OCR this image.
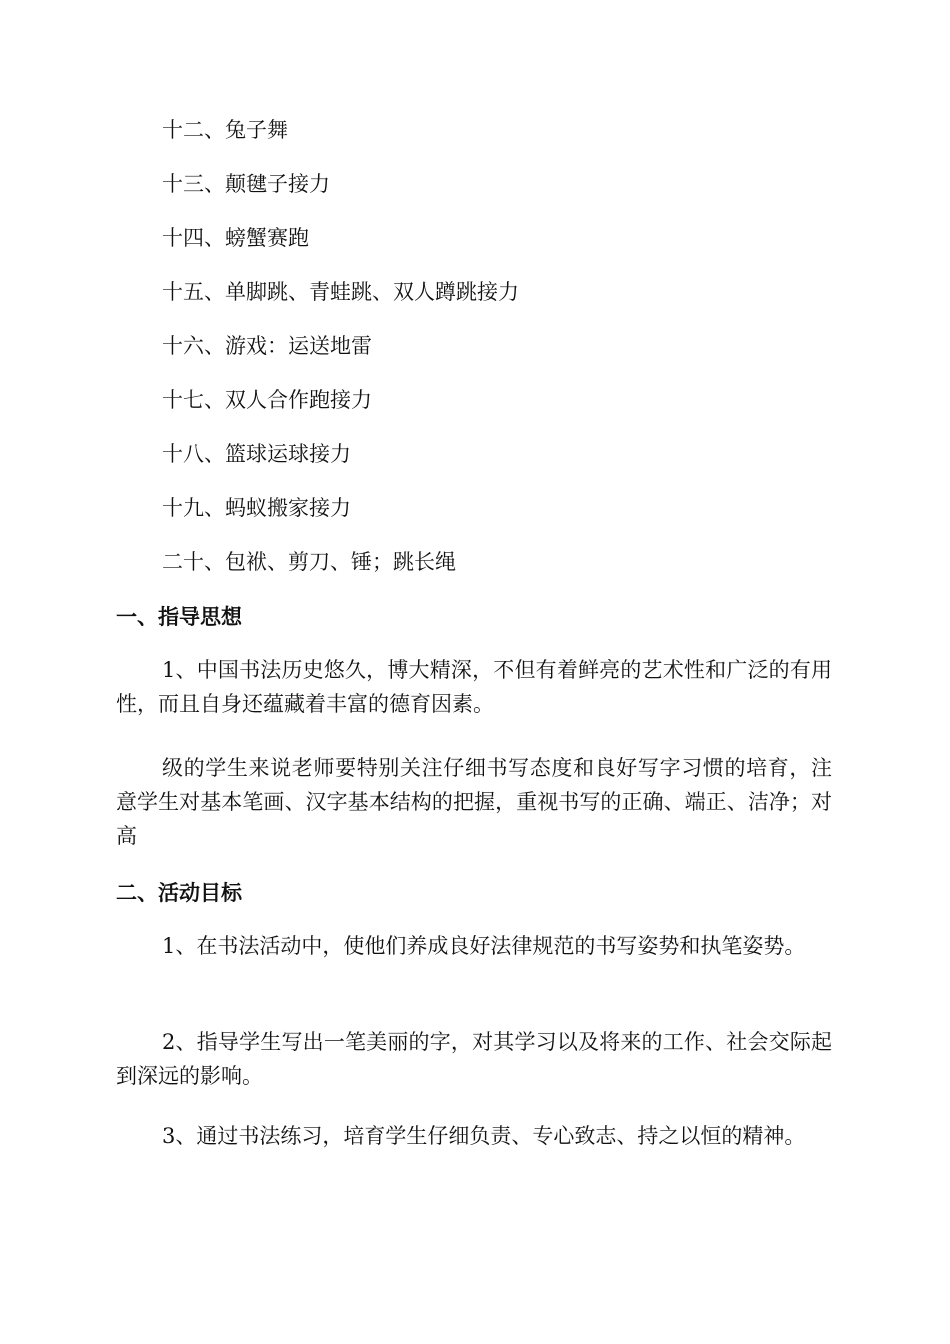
十二、兔子舞
十三、颠毽子接力
十四、螃蟹赛跑
十五、单脚跳、青蛙跳、双人蹲跳接力
十六、游戏：运送地雷
十七、双人合作跑接力
十八、篮球运球接力
十九、蚂蚁搬家接力
二十、包袱、剪刀、锤；跳长绳
一、指导思想

1、中国书法历史悠久，博大精深，不但有着鲜亮的艺术性和广泛的有用性，而且自身还蕴藏着丰富的德育因素。

级的学生来说老师要特别关注仔细书写态度和良好写字习惯的培育，注意学生对基本笔画、汉字基本结构的把握，重视书写的正确、端正、洁净；对高

二、活动目标

1、在书法活动中，使他们养成良好法律规范的书写姿势和执笔姿势。

2、指导学生写出一笔美丽的字，对其学习以及将来的工作、社会交际起到深远的影响。

3、通过书法练习，培育学生仔细负责、专心致志、持之以恒的精神。
